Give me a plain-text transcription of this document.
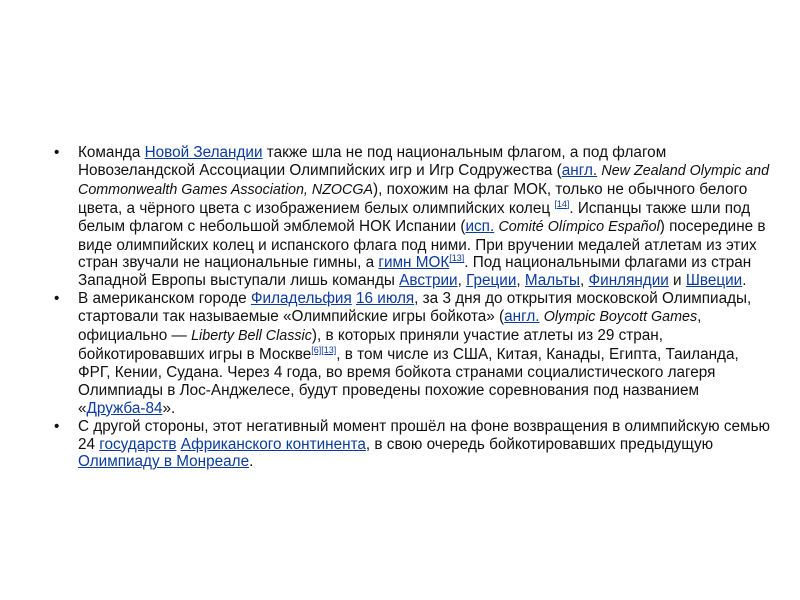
• Команда Новой Зеландии также шла не под национальным флагом, а под флагом Новозеландской Ассоциации Олимпийских игр и Игр Содружества (англ. New Zealand Olympic and Commonwealth Games Association, NZOCGA), похожим на флаг МОК, только не обычного белого цвета, а чёрного цвета с изображением белых олимпийских колец [14]. Испанцы также шли под белым флагом с небольшой эмблемой НОК Испании (исп. Comité Olímpico Español) посередине в виде олимпийских колец и испанского флага под ними. При вручении медалей атлетам из этих стран звучали не национальные гимны, а гимн МОК[13]. Под национальными флагами из стран Западной Европы выступали лишь команды Австрии, Греции, Мальты, Финляндии и Швеции.
• В американском городе Филадельфия 16 июля, за 3 дня до открытия московской Олимпиады, стартовали так называемые «Олимпийские игры бойкота» (англ. Olympic Boycott Games, официально — Liberty Bell Classic), в которых приняли участие атлеты из 29 стран, бойкотировавших игры в Москве[6][13], в том числе из США, Китая, Канады, Египта, Таиланда, ФРГ, Кении, Судана. Через 4 года, во время бойкота странами социалистического лагеря Олимпиады в Лос-Анджелесе, будут проведены похожие соревнования под названием «Дружба-84».
• С другой стороны, этот негативный момент прошёл на фоне возвращения в олимпийскую семью 24 государств Африканского континента, в свою очередь бойкотировавших предыдущую Олимпиаду в Монреале.
